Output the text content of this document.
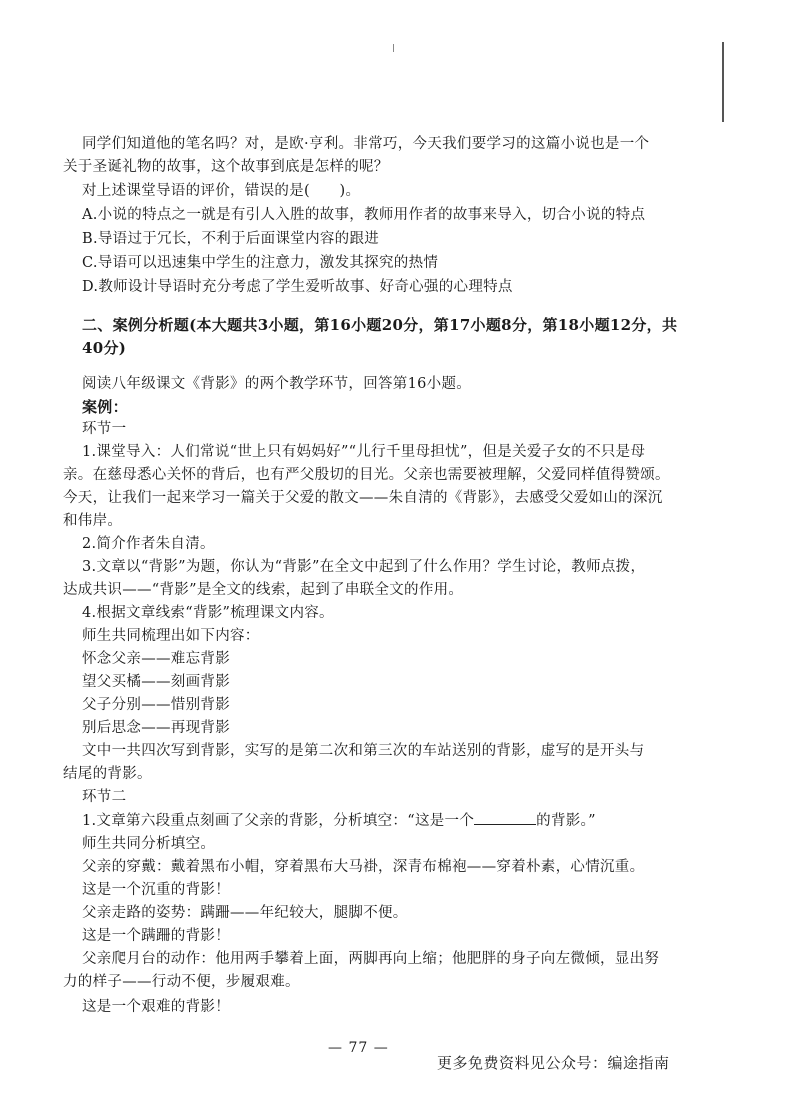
同学们知道他的笔名吗？对，是欧·亨利。非常巧，今天我们要学习的这篇小说也是一个
关于圣诞礼物的故事，这个故事到底是怎样的呢？
对上述课堂导语的评价，错误的是(　　)。
A.小说的特点之一就是有引人入胜的故事，教师用作者的故事来导入，切合小说的特点
B.导语过于冗长，不利于后面课堂内容的跟进
C.导语可以迅速集中学生的注意力，激发其探究的热情
D.教师设计导语时充分考虑了学生爱听故事、好奇心强的心理特点
二、案例分析题(本大题共3小题，第16小题20分，第17小题8分，第18小题12分，共
40分)
阅读八年级课文《背影》的两个教学环节，回答第16小题。
案例：
环节一
1.课堂导入：人们常说“世上只有妈妈好”“儿行千里母担忧”，但是关爱子女的不只是母
亲。在慈母悉心关怀的背后，也有严父殷切的目光。父亲也需要被理解，父爱同样值得赞颂。
今天，让我们一起来学习一篇关于父爱的散文——朱自清的《背影》，去感受父爱如山的深沉
和伟岸。
2.简介作者朱自清。
3.文章以“背影”为题，你认为“背影”在全文中起到了什么作用？学生讨论，教师点拨，
达成共识——“背影”是全文的线索，起到了串联全文的作用。
4.根据文章线索“背影”梳理课文内容。
师生共同梳理出如下内容：
怀念父亲——难忘背影
望父买橘——刻画背影
父子分别——惜别背影
别后思念——再现背影
文中一共四次写到背影，实写的是第二次和第三次的车站送别的背影，虚写的是开头与
结尾的背影。
环节二
1.文章第六段重点刻画了父亲的背影，分析填空：“这是一个	的背影。”
师生共同分析填空。
父亲的穿戴：戴着黑布小帽，穿着黑布大马褂，深青布棉袍——穿着朴素，心情沉重。
这是一个沉重的背影！
父亲走路的姿势：蹒跚——年纪较大，腿脚不便。
这是一个蹒跚的背影！
父亲爬月台的动作：他用两手攀着上面，两脚再向上缩；他肥胖的身子向左微倾，显出努
力的样子——行动不便，步履艰难。
这是一个艰难的背影！
— 77 —
更多免费资料见公众号：编途指南
